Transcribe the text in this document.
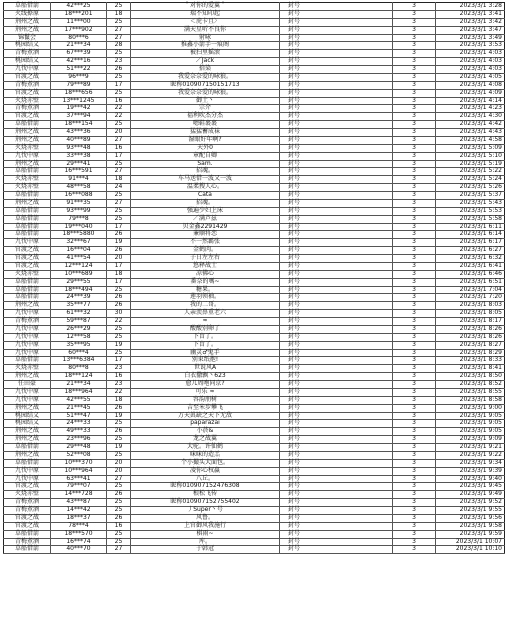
草船借箭	42***25	25	＂对你的爱翼＂	封号	3	2023/3/1 3:28
火线撩原	18***201	18	瑞不知印起	封号	3	2023/3/1 3:41
荆州之战	11***00	25	＜虎卡且〉	封号	3	2023/3/1 3:42
荆州之战	17***902	27	满天星听不良你	封号	3	2023/3/1 3:47
锦鬣会	80***6	27	射咏	封号	3	2023/3/1 3:49
桃园结义	21***34	28	推鑫小箭手一痕阁	封号	3	2023/3/1 3:53
青梅煮酒	67***39	25	被扫里摇滚	封号	3	2023/3/1 4:03
桃园结义	42***16	23	／Jack	封号	3	2023/3/1 4:03
九伐中原	51***22	26	拾染	封号	3	2023/3/1 4:03
官渡之战	96***9	25	我爱奈奈爱的咏狼。	封号	3	2023/3/1 4:05
青梅煮酒	79***89	17	昵称010907150151713	封号	3	2023/3/1 4:08
官渡之战	18***656	25	我爱奈奈爱的咏狼。	封号	3	2023/3/1 4:09
火烧赤壁	13***1245	16	御土丶	封号	3	2023/3/1 4:14
青梅煮酒	19***42	22	宗介	封号	3	2023/3/1 4:23
官渡之战	37***94	22	福利吹杰分杰	封号	3	2023/3/1 4:30
草船借箭	18***154	25	嗯鞋裹裹	封号	3	2023/3/1 4:42
荆州之战	43***36	20	猛猛蓄成袜	封号	3	2023/3/1 4:43
荆州之战	40***89	27	湿眼好年啊?	封号	3	2023/3/1 4:58
火烧赤壁	93***48	16	天外0	封号	3	2023/3/1 5:09
九伐中原	33***38	17	章配自卿	封号	3	2023/3/1 5:10
荆州之战	29***41	25	Sam.	封号	3	2023/3/1 5:19
草船借箭	16***591	27	招魂。	封号	3	2023/3/1 5:22
火烧赤壁	91***4	18	车马送借一波又一波	封号	3	2023/3/1 5:24
火烧赤壁	48***58	24	温柔搜人心。	封号	3	2023/3/1 5:26
草船借箭	16***088	25	Cata	封号	3	2023/3/1 5:37
荆州之战	91***35	27	招魂。	封号	3	2023/3/1 5:43
草船借箭	93***99	25	强遍少妇上床	封号	3	2023/3/1 5:53
草船借箭	79***8	25	／满芦兹	封号	3	2023/3/1 5:58
草船借箭	19***040	17	贝金鑫2291429	封号	3	2023/3/1 6:11
草船借箭	18***5880	26	蒹顺将恋	封号	3	2023/3/1 6:14
九伐中原	32***67	19	不一然霸张	封号	3	2023/3/1 6:17
官渡之战	16***04	26	金鹤肉。	封号	3	2023/3/1 6:27
官渡之战	41***54	20	子日左左右	封号	3	2023/3/1 6:32
官渡之战	12***124	17	悠释战士	封号	3	2023/3/1 6:41
火烧赤壁	10***689	18	凉佛心	封号	3	2023/3/1 6:46
草船借箭	29***55	17	番奈的嗎~	封号	3	2023/3/1 6:51
草船借箭	18***494	25	糖果。	封号	3	2023/3/1 7:04
草船借箭	24***39	26	莲羽领袖。	封号	3	2023/3/1 7:20
荆州之战	35***77	26	我的二哥。	封号	3	2023/3/1 8:03
九伐中原	61***32	30	人亲羡鼻重老六	封号	3	2023/3/1 8:05
青梅煮酒	59***87	22	≈	封号	3	2023/3/1 8:17
九伐中原	26***29	25	酸酸别卵了	封号	3	2023/3/1 8:26
九伐中原	12***58	25	下盲了。	封号	3	2023/3/1 8:26
九伐中原	35***95	19	下盲了。	封号	3	2023/3/1 8:27
九伐中原	60***4	25	幽灵♂鬼手	封号	3	2023/3/1 8:29
草船借箭	13***6384	17	别束纸抱!	封号	3	2023/3/1 8:33
火烧赤壁	80***8	23	世说风A	封号	3	2023/3/1 8:41
荆州之战	18***124	16	白衣撒飘丶623	封号	3	2023/3/1 8:50
任田豪	21***34	23	愈儿周咆同京?	封号	3	2023/3/1 8:52
九伐中原	18***964	22	可乐 ≈	封号	3	2023/3/1 8:55
九伐中原	42***55	18	容韵朋树	封号	3	2023/3/1 8:58
荆州之战	21***45	26	吉至米步攀飞	封号	3	2023/3/1 9:00
桃园结义	51***47	19	万天眞缺之天下无敌	封号	3	2023/3/1 9:05
桃园结义	24***33	25	paparazai	封号	3	2023/3/1 9:05
荆州之战	49***33	26	小菸&	封号	3	2023/3/1 9:05
荆州之战	23***96	25	龙之战翼	封号	3	2023/3/1 9:09
草船借箭	29***48	19	大驼。许仙鹤	封号	3	2023/3/1 9:21
荆州之战	52***08	25	咪咪的造羔	封号	3	2023/3/1 9:22
草船借箭	10***370	20	个小撮头大面包。	封号	3	2023/3/1 9:34
九伐中原	10***964	20	凌你心权赢	封号	3	2023/3/1 9:39
九伐中原	63***41	27	八丘。	封号	3	2023/3/1 9:40
官渡之战	79***07	25	昵称010907152476308	封号	3	2023/3/1 9:45
火烧赤壁	14***728	26	根松飞传	封号	3	2023/3/1 9:49
青梅煮酒	43***87	25	昵称010907152755402	封号	3	2023/3/1 9:52
青梅煮酒	14***42	25	丿Super丶号	封号	3	2023/3/1 9:55
官渡之战	18***37	26	风鲁。	封号	3	2023/3/1 9:56
官渡之战	78***4	16	上官御风我施行	封号	3	2023/3/1 9:58
草船借箭	18***570	25	棋雨~	封号	3	2023/3/1 9:59
青梅煮酒	16***74	25	库。	封号	3	2023/3/1 10:07
草船借箭	40***70	27	于韩冠	封号	3	2023/3/1 10:10
